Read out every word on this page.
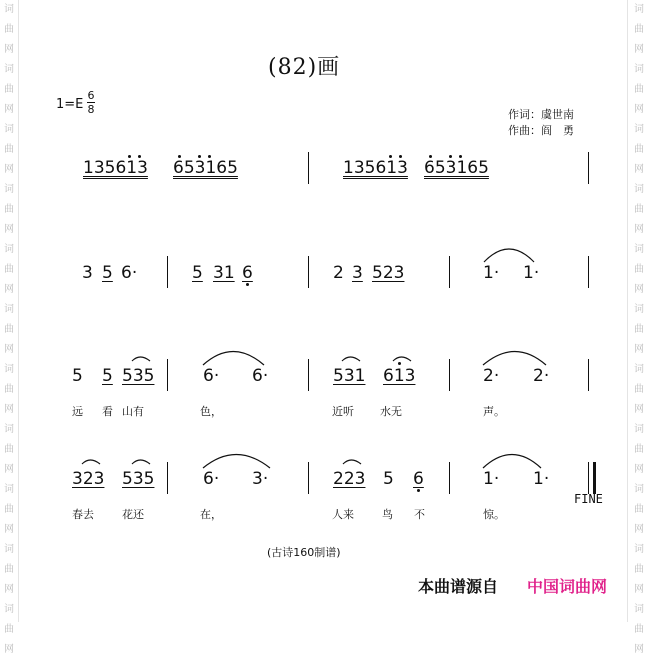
词
曲
网
词
曲
网
词
曲
网
词
曲
网
词
曲
网
词
曲
网
词
曲
网
词
曲
网
词
曲
网
词
曲
网
词
曲
网
词
曲
网
词
曲
网
词
曲
网
词
曲
网
词
曲
网
词
曲
网
词
曲
网
词
曲
网
词
曲
网
词
曲
网
词
曲
网
(82)画
1=E
6
8	作词：虞世南
作曲：阎　勇
135613 653165	135613 653165
3 5 6·	5 31 6	2 3 523	1· 1·
5 5 535	6· 6·	531 613	2· 2·
远 看 山有	色，	近听 水无	声。
323 535	6· 3·	223 5 6	1· 1·
FINE
春去	花还	在，	人来	鸟 不	惊。
(古诗160制谱)
本曲谱源自 中国词曲网
